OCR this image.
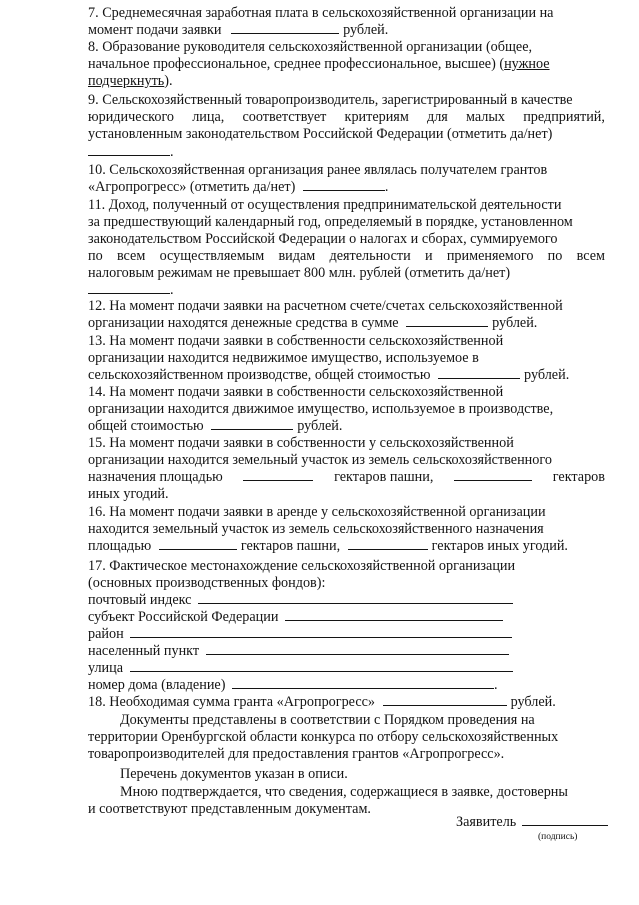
7. Среднемесячная заработная плата в сельскохозяйственной организации на
момент подачи заявки	рублей.
8. Образование руководителя сельскохозяйственной организации (общее,
начальное профессиональное, среднее профессиональное, высшее) (нужное
подчеркнуть).
9. Сельскохозяйственный товаропроизводитель, зарегистрированный в качестве
юридического лица, соответствует критериям для малых предприятий,
установленным законодательством Российской Федерации (отметить да/нет)
.
10. Сельскохозяйственная организация ранее являлась получателем грантов
«Агропрогресс» (отметить да/нет)	.
11. Доход, полученный от осуществления предпринимательской деятельности
за предшествующий календарный год, определяемый в порядке, установленном
законодательством Российской Федерации о налогах и сборах, суммируемого
по всем осуществляемым видам деятельности и применяемого по всем
налоговым режимам не превышает 800 млн. рублей (отметить да/нет)
.
12. На момент подачи заявки на расчетном счете/счетах сельскохозяйственной
организации находятся денежные средства в сумме	рублей.
13. На момент подачи заявки в собственности сельскохозяйственной
организации находится недвижимое имущество, используемое в
сельскохозяйственном производстве, общей стоимостью	рублей.
14. На момент подачи заявки в собственности сельскохозяйственной
организации находится движимое имущество, используемое в производстве,
общей стоимостью	рублей.
15. На момент подачи заявки в собственности у сельскохозяйственной
организации находится земельный участок из земель сельскохозяйственного
назначения площадью	гектаров пашни,	гектаров
иных угодий.
16. На момент подачи заявки в аренде у сельскохозяйственной организации
находится земельный участок из земель сельскохозяйственного назначения
площадью	гектаров пашни,	гектаров иных угодий.
17. Фактическое местонахождение сельскохозяйственной организации
(основных производственных фондов):
почтовый индекс
субъект Российской Федерации
район
населенный пункт
улица
номер дома (владение)	.
18. Необходимая сумма гранта «Агропрогресс»	рублей.
Документы представлены в соответствии с Порядком проведения на
территории Оренбургской области конкурса по отбору сельскохозяйственных
товаропроизводителей для предоставления грантов «Агропрогресс».
Перечень документов указан в описи.
Мною подтверждается, что сведения, содержащиеся в заявке, достоверны
и соответствуют представленным документам.
Заявитель
(подпись)
